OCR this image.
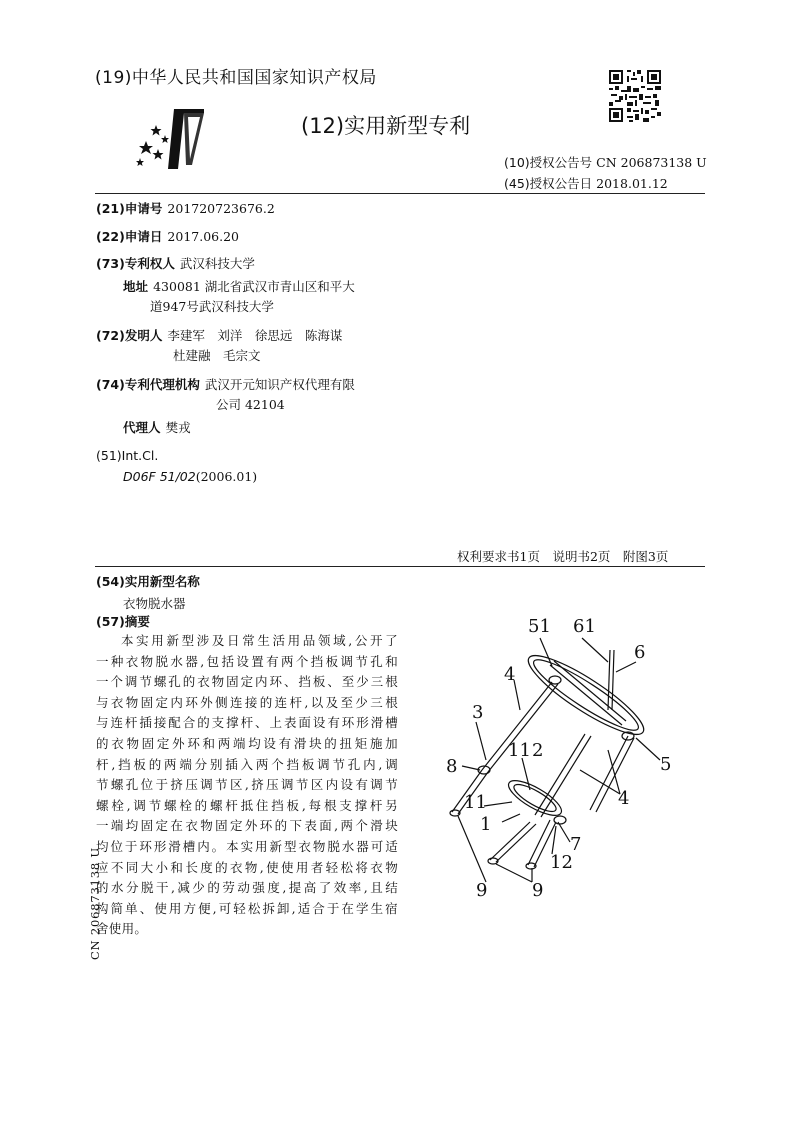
(19)中华人民共和国国家知识产权局
(12)实用新型专利
(10)授权公告号 CN 206873138 U
(45)授权公告日 2018.01.12
(21)申请号 201720723676.2
(22)申请日 2017.06.20
(73)专利权人 武汉科技大学
地址 430081 湖北省武汉市青山区和平大
道947号武汉科技大学
(72)发明人 李建军　刘洋　徐思远　陈海谋
杜建融　毛宗文
(74)专利代理机构 武汉开元知识产权代理有限
公司 42104
代理人 樊戎
(51)Int.Cl.
D06F 51/02(2006.01)
权利要求书1页　说明书2页　附图3页
(54)实用新型名称
衣物脱水器
(57)摘要
本实用新型涉及日常生活用品领域,公开了
一种衣物脱水器,包括设置有两个挡板调节孔和
一个调节螺孔的衣物固定内环、挡板、至少三根
与衣物固定内环外侧连接的连杆,以及至少三根
与连杆插接配合的支撑杆、上表面设有环形滑槽
的衣物固定外环和两端均设有滑块的扭矩施加
杆,挡板的两端分别插入两个挡板调节孔内,调
节螺孔位于挤压调节区,挤压调节区内设有调节
螺栓,调节螺栓的螺杆抵住挡板,每根支撑杆另
一端均固定在衣物固定外环的下表面,两个滑块
均位于环形滑槽内。本实用新型衣物脱水器可适
应不同大小和长度的衣物,使使用者轻松将衣物
的水分脱干,减少的劳动强度,提高了效率,且结
构简单、使用方便,可轻松拆卸,适合于在学生宿
舍使用。
CN 206873138 U
51 61
6
4
3
5
8
11 2
4
11
1
7
12
9 9
